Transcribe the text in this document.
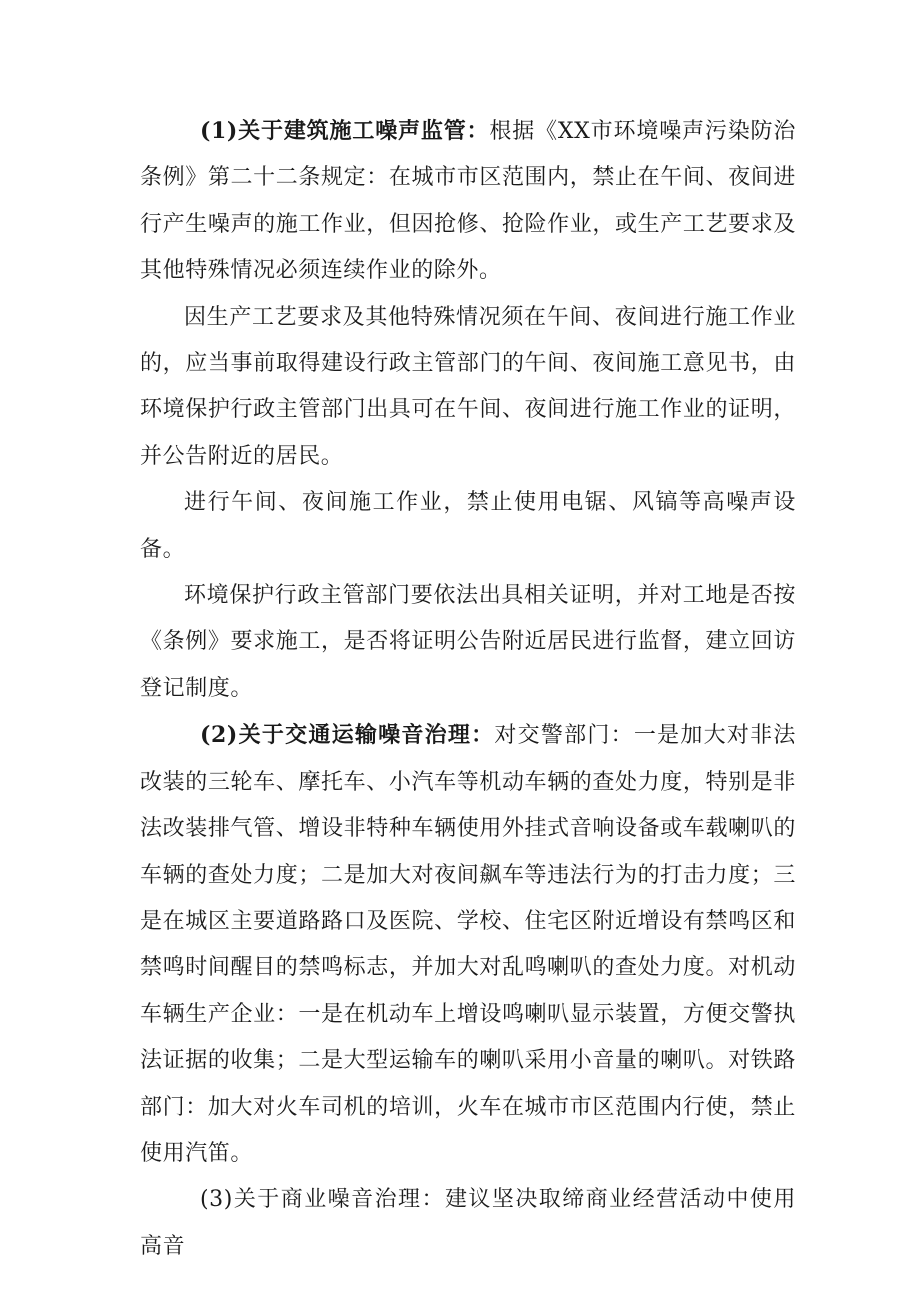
(1)关于建筑施工噪声监管：根据《XX市环境噪声污染防治条例》第二十二条规定：在城市市区范围内，禁止在午间、夜间进行产生噪声的施工作业，但因抢修、抢险作业，或生产工艺要求及其他特殊情况必须连续作业的除外。

因生产工艺要求及其他特殊情况须在午间、夜间进行施工作业的，应当事前取得建设行政主管部门的午间、夜间施工意见书，由环境保护行政主管部门出具可在午间、夜间进行施工作业的证明，并公告附近的居民。

进行午间、夜间施工作业，禁止使用电锯、风镐等高噪声设备。

环境保护行政主管部门要依法出具相关证明，并对工地是否按《条例》要求施工，是否将证明公告附近居民进行监督，建立回访登记制度。

(2)关于交通运输噪音治理：对交警部门：一是加大对非法改装的三轮车、摩托车、小汽车等机动车辆的查处力度，特别是非法改装排气管、增设非特种车辆使用外挂式音响设备或车载喇叭的车辆的查处力度；二是加大对夜间飙车等违法行为的打击力度；三是在城区主要道路路口及医院、学校、住宅区附近增设有禁鸣区和禁鸣时间醒目的禁鸣标志，并加大对乱鸣喇叭的查处力度。对机动车辆生产企业：一是在机动车上增设鸣喇叭显示装置，方便交警执法证据的收集；二是大型运输车的喇叭采用小音量的喇叭。对铁路部门：加大对火车司机的培训，火车在城市市区范围内行使，禁止使用汽笛。

(3)关于商业噪音治理：建议坚决取缔商业经营活动中使用高音
